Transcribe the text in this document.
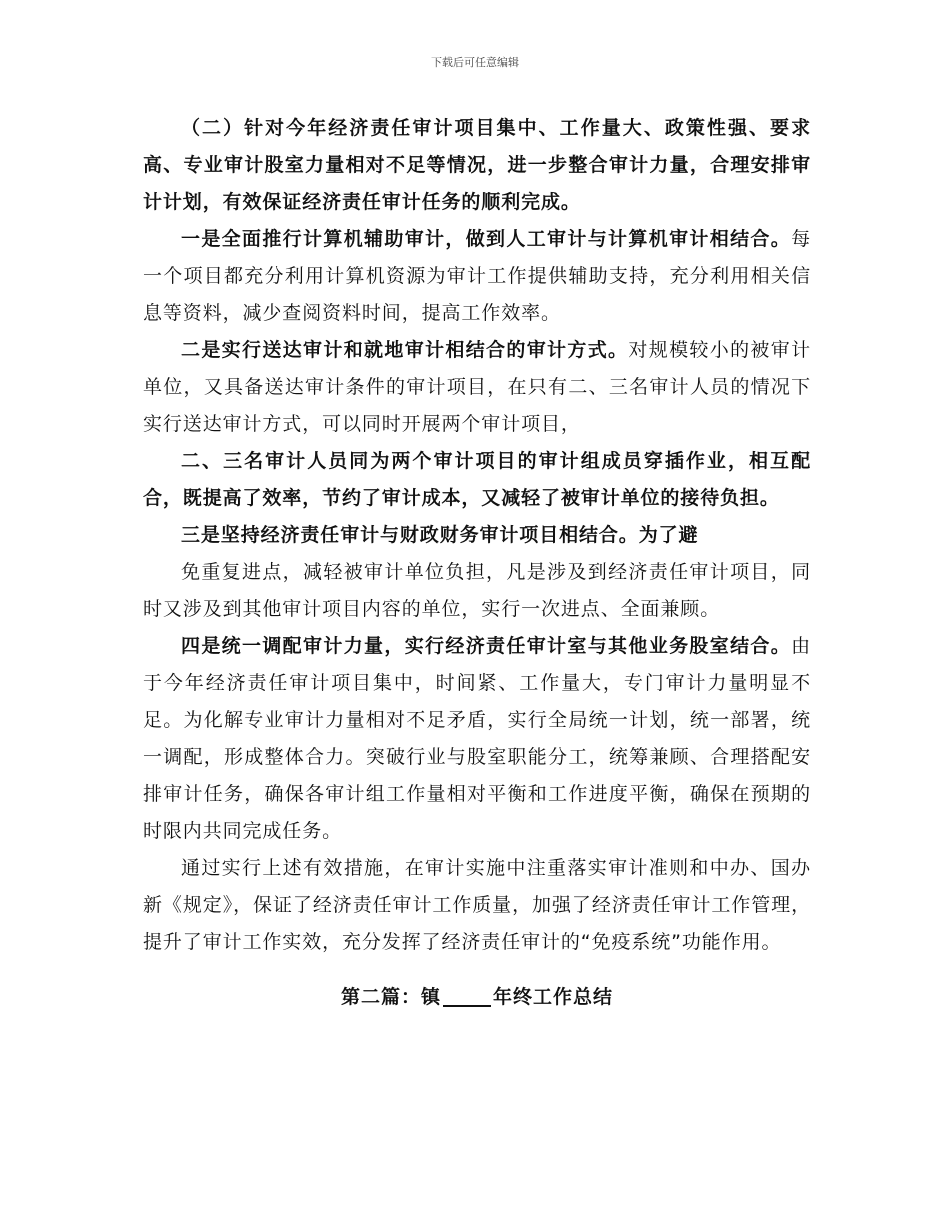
下载后可任意编辑

（二）针对今年经济责任审计项目集中、工作量大、政策性强、要求高、专业审计股室力量相对不足等情况，进一步整合审计力量，合理安排审计计划，有效保证经济责任审计任务的顺利完成。

一是全面推行计算机辅助审计，做到人工审计与计算机审计相结合。每一个项目都充分利用计算机资源为审计工作提供辅助支持，充分利用相关信息等资料，减少查阅资料时间，提高工作效率。

二是实行送达审计和就地审计相结合的审计方式。对规模较小的被审计单位，又具备送达审计条件的审计项目，在只有二、三名审计人员的情况下实行送达审计方式，可以同时开展两个审计项目，

二、三名审计人员同为两个审计项目的审计组成员穿插作业，相互配合，既提高了效率，节约了审计成本，又减轻了被审计单位的接待负担。

三是坚持经济责任审计与财政财务审计项目相结合。为了避

免重复进点，减轻被审计单位负担，凡是涉及到经济责任审计项目，同时又涉及到其他审计项目内容的单位，实行一次进点、全面兼顾。

四是统一调配审计力量，实行经济责任审计室与其他业务股室结合。由于今年经济责任审计项目集中，时间紧、工作量大，专门审计力量明显不足。为化解专业审计力量相对不足矛盾，实行全局统一计划，统一部署，统一调配，形成整体合力。突破行业与股室职能分工，统筹兼顾、合理搭配安排审计任务，确保各审计组工作量相对平衡和工作进度平衡，确保在预期的时限内共同完成任务。

通过实行上述有效措施，在审计实施中注重落实审计准则和中办、国办新《规定》，保证了经济责任审计工作质量，加强了经济责任审计工作管理，提升了审计工作实效，充分发挥了经济责任审计的“免疫系统”功能作用。

第二篇：镇	年终工作总结
